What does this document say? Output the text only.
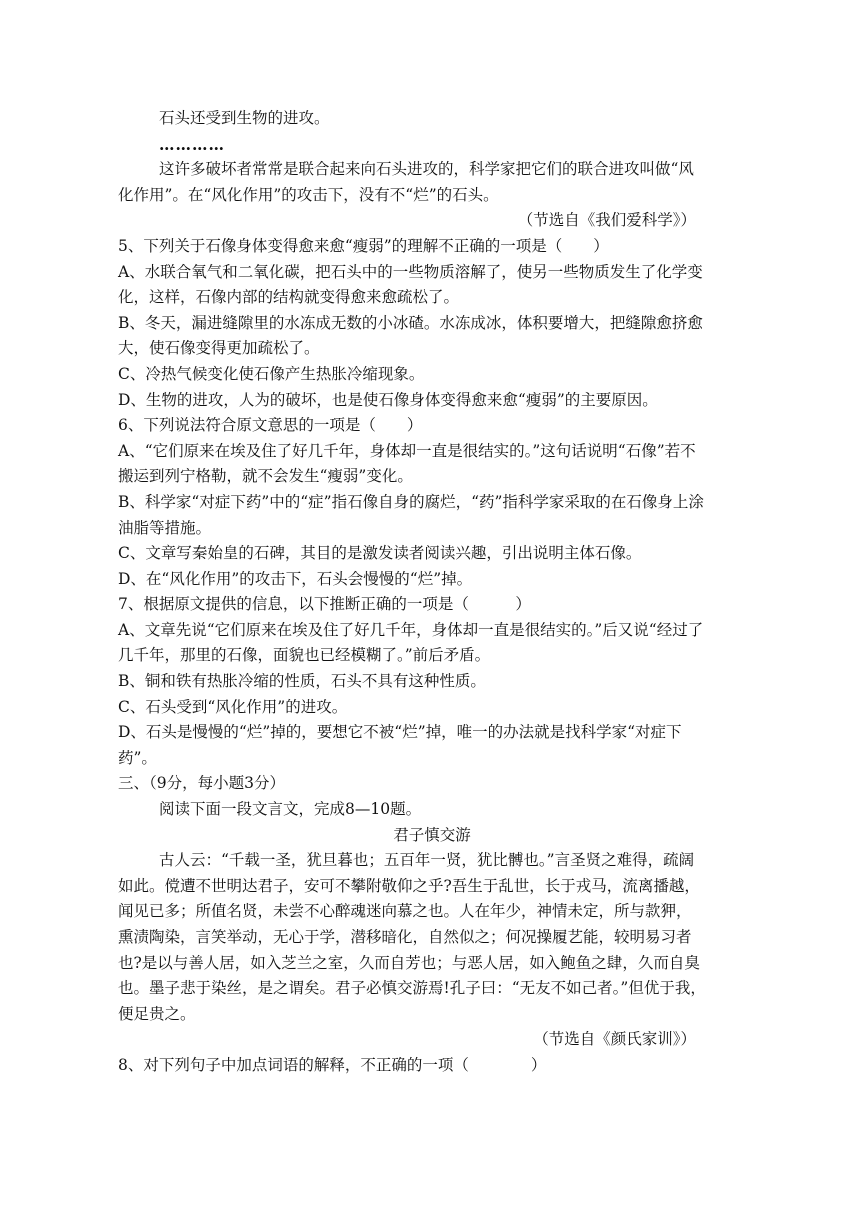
石头还受到生物的进攻。

…………

这许多破坏者常常是联合起来向石头进攻的，科学家把它们的联合进攻叫做“风化作用”。在“风化作用”的攻击下，没有不“烂”的石头。

（节选自《我们爱科学》）

5、下列关于石像身体变得愈来愈“瘦弱”的理解不正确的一项是（　　）

A、水联合氧气和二氧化碳，把石头中的一些物质溶解了，使另一些物质发生了化学变化，这样，石像内部的结构就变得愈来愈疏松了。

B、冬天，漏进缝隙里的水冻成无数的小冰碴。水冻成冰，体积要增大，把缝隙愈挤愈大，使石像变得更加疏松了。

C、冷热气候变化使石像产生热胀冷缩现象。

D、生物的进攻，人为的破坏，也是使石像身体变得愈来愈“瘦弱”的主要原因。

6、下列说法符合原文意思的一项是（　　）

A、“它们原来在埃及住了好几千年，身体却一直是很结实的。”这句话说明“石像”若不搬运到列宁格勒，就不会发生“瘦弱”变化。

B、科学家“对症下药”中的“症”指石像自身的腐烂，“药”指科学家采取的在石像身上涂油脂等措施。

C、文章写秦始皇的石碑，其目的是激发读者阅读兴趣，引出说明主体石像。

D、在“风化作用”的攻击下，石头会慢慢的“烂”掉。

7、根据原文提供的信息，以下推断正确的一项是（　　　）

A、文章先说“它们原来在埃及住了好几千年，身体却一直是很结实的。”后又说“经过了几千年，那里的石像，面貌也已经模糊了。”前后矛盾。

B、铜和铁有热胀冷缩的性质，石头不具有这种性质。

C、石头受到“风化作用”的进攻。

D、石头是慢慢的“烂”掉的，要想它不被“烂”掉，唯一的办法就是找科学家“对症下药”。

三、（9分，每小题3分）

阅读下面一段文言文，完成8—10题。

君子慎交游

古人云：“千载一圣，犹旦暮也；五百年一贤，犹比髆也。”言圣贤之难得，疏阔如此。傥遭不世明达君子，安可不攀附敬仰之乎?吾生于乱世，长于戎马，流离播越，闻见已多；所值名贤，未尝不心醉魂迷向慕之也。人在年少，神情未定，所与款狎，熏渍陶染，言笑举动，无心于学，潜移暗化，自然似之；何况操履艺能，较明易习者也?是以与善人居，如入芝兰之室，久而自芳也；与恶人居，如入鲍鱼之肆，久而自臭也。墨子悲于染丝，是之谓矣。君子必慎交游焉!孔子曰：“无友不如己者。”但优于我，便足贵之。

（节选自《颜氏家训》）

8、对下列句子中加点词语的解释，不正确的一项（　　　　）
